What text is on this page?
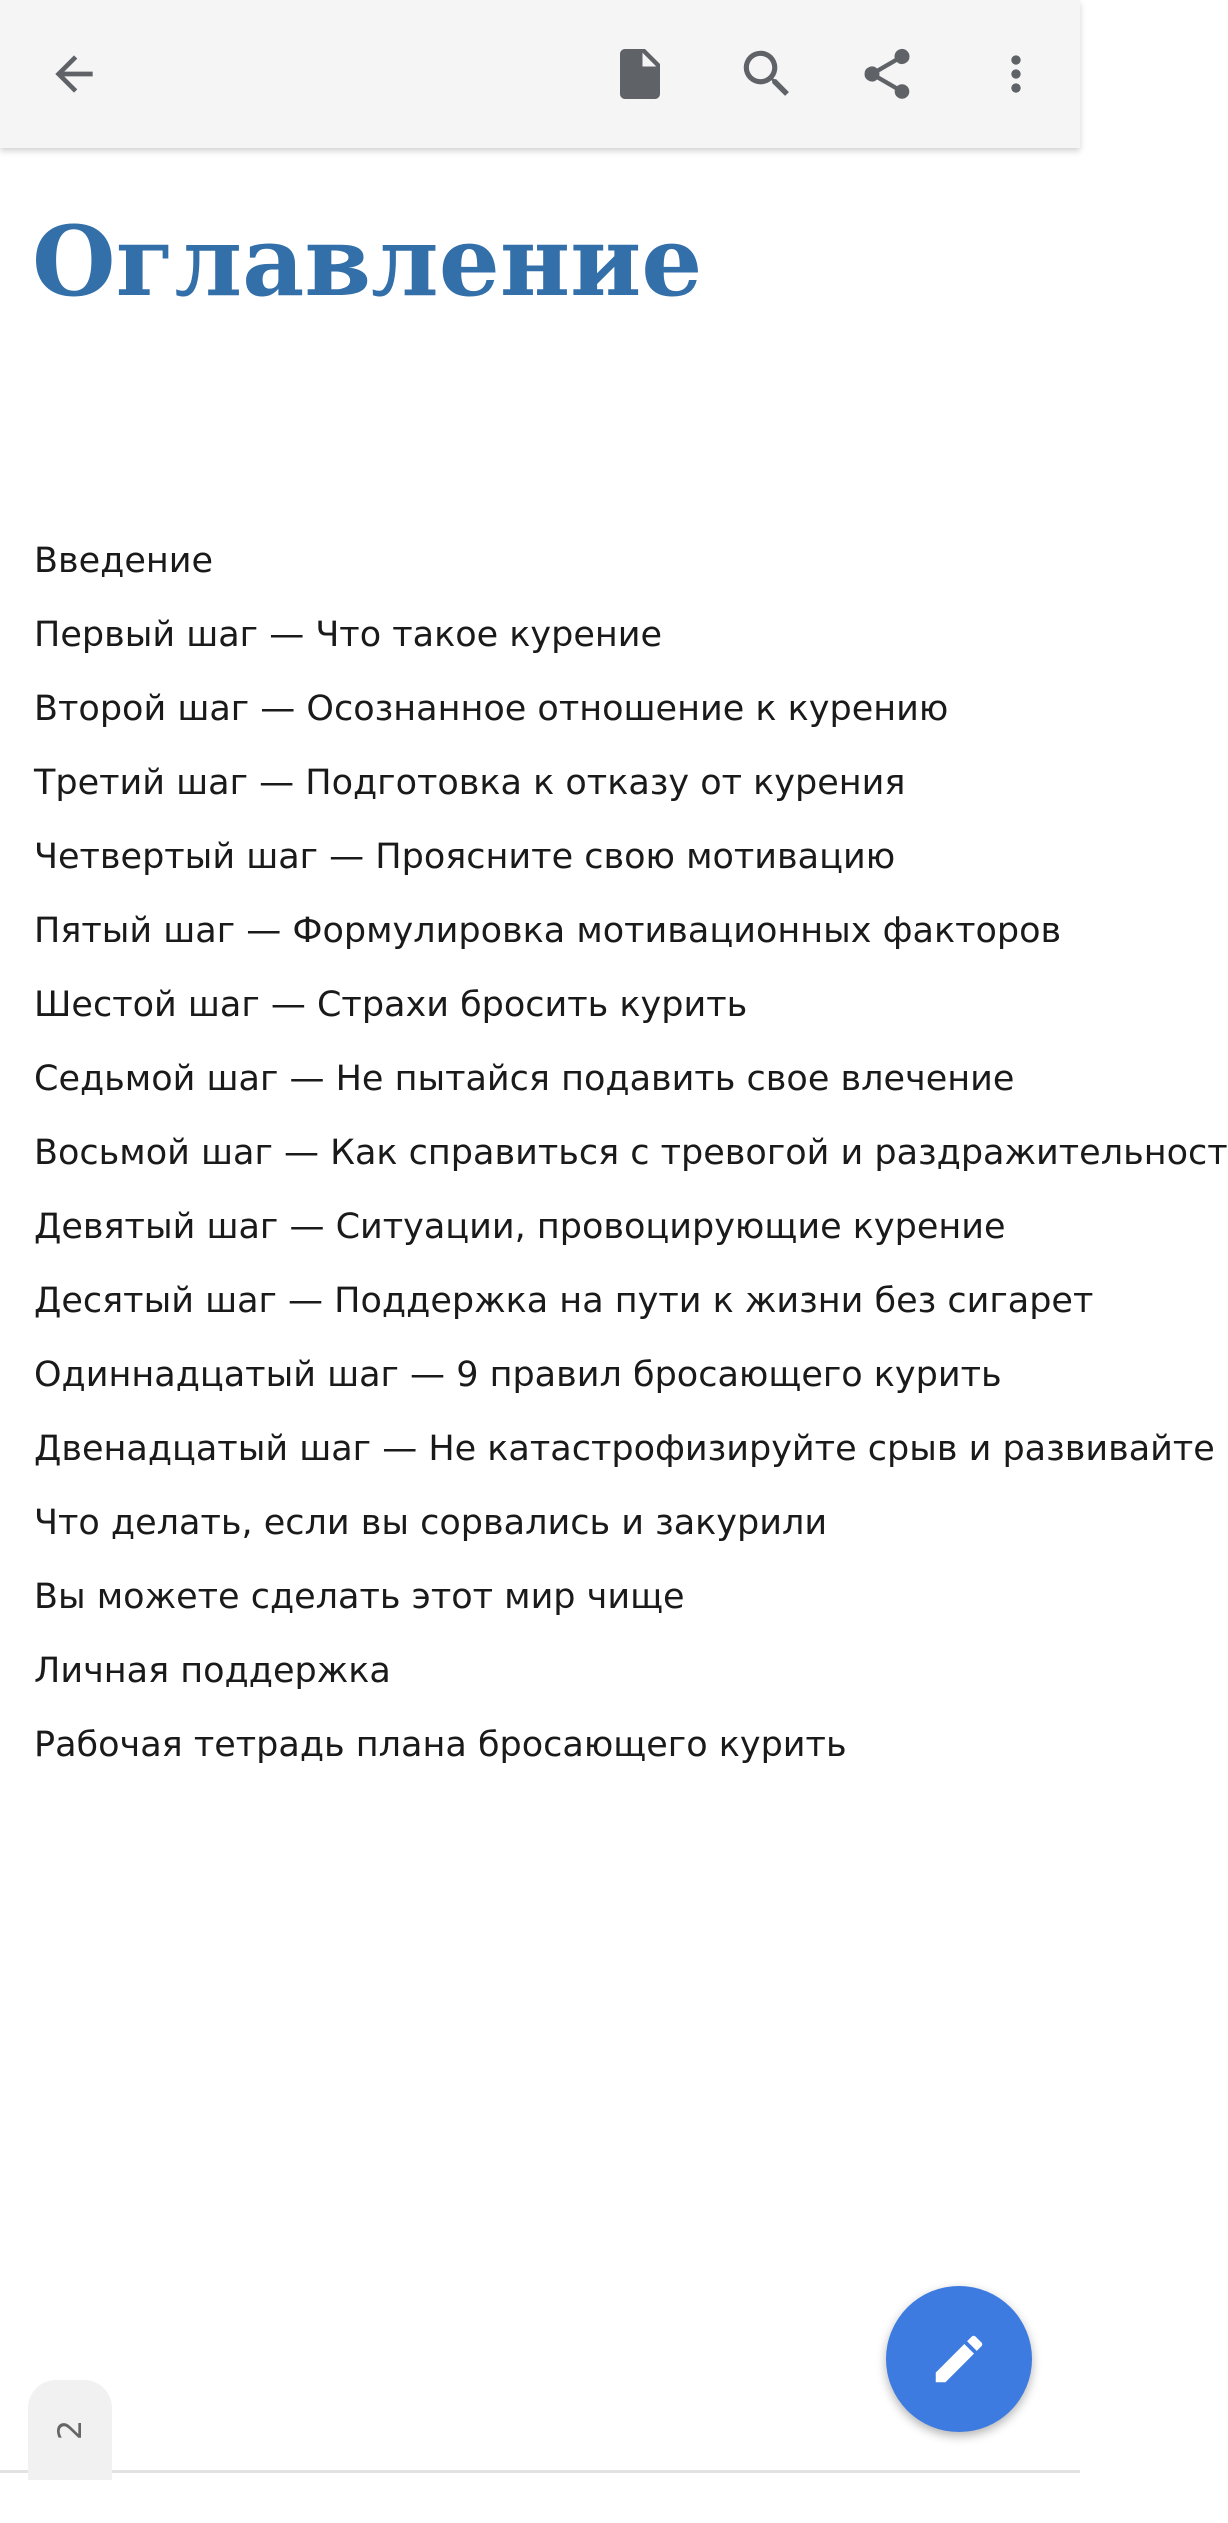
Оглавление
Введение
Первый шаг — Что такое курение
Второй шаг — Осознанное отношение к курению
Третий шаг — Подготовка к отказу от курения
Четвертый шаг — Проясните свою мотивацию
Пятый шаг — Формулировка мотивационных факторов
Шестой шаг — Страхи бросить курить
Седьмой шаг — Не пытайся подавить свое влечение
Восьмой шаг — Как справиться с тревогой и раздражительност
Девятый шаг — Ситуации, провоцирующие курение
Десятый шаг — Поддержка на пути к жизни без сигарет
Одиннадцатый шаг — 9 правил бросающего курить
Двенадцатый шаг — Не катастрофизируйте срыв и развивайте
Что делать, если вы сорвались и закурили
Вы можете сделать этот мир чище
Личная поддержка
Рабочая тетрадь плана бросающего курить
2
